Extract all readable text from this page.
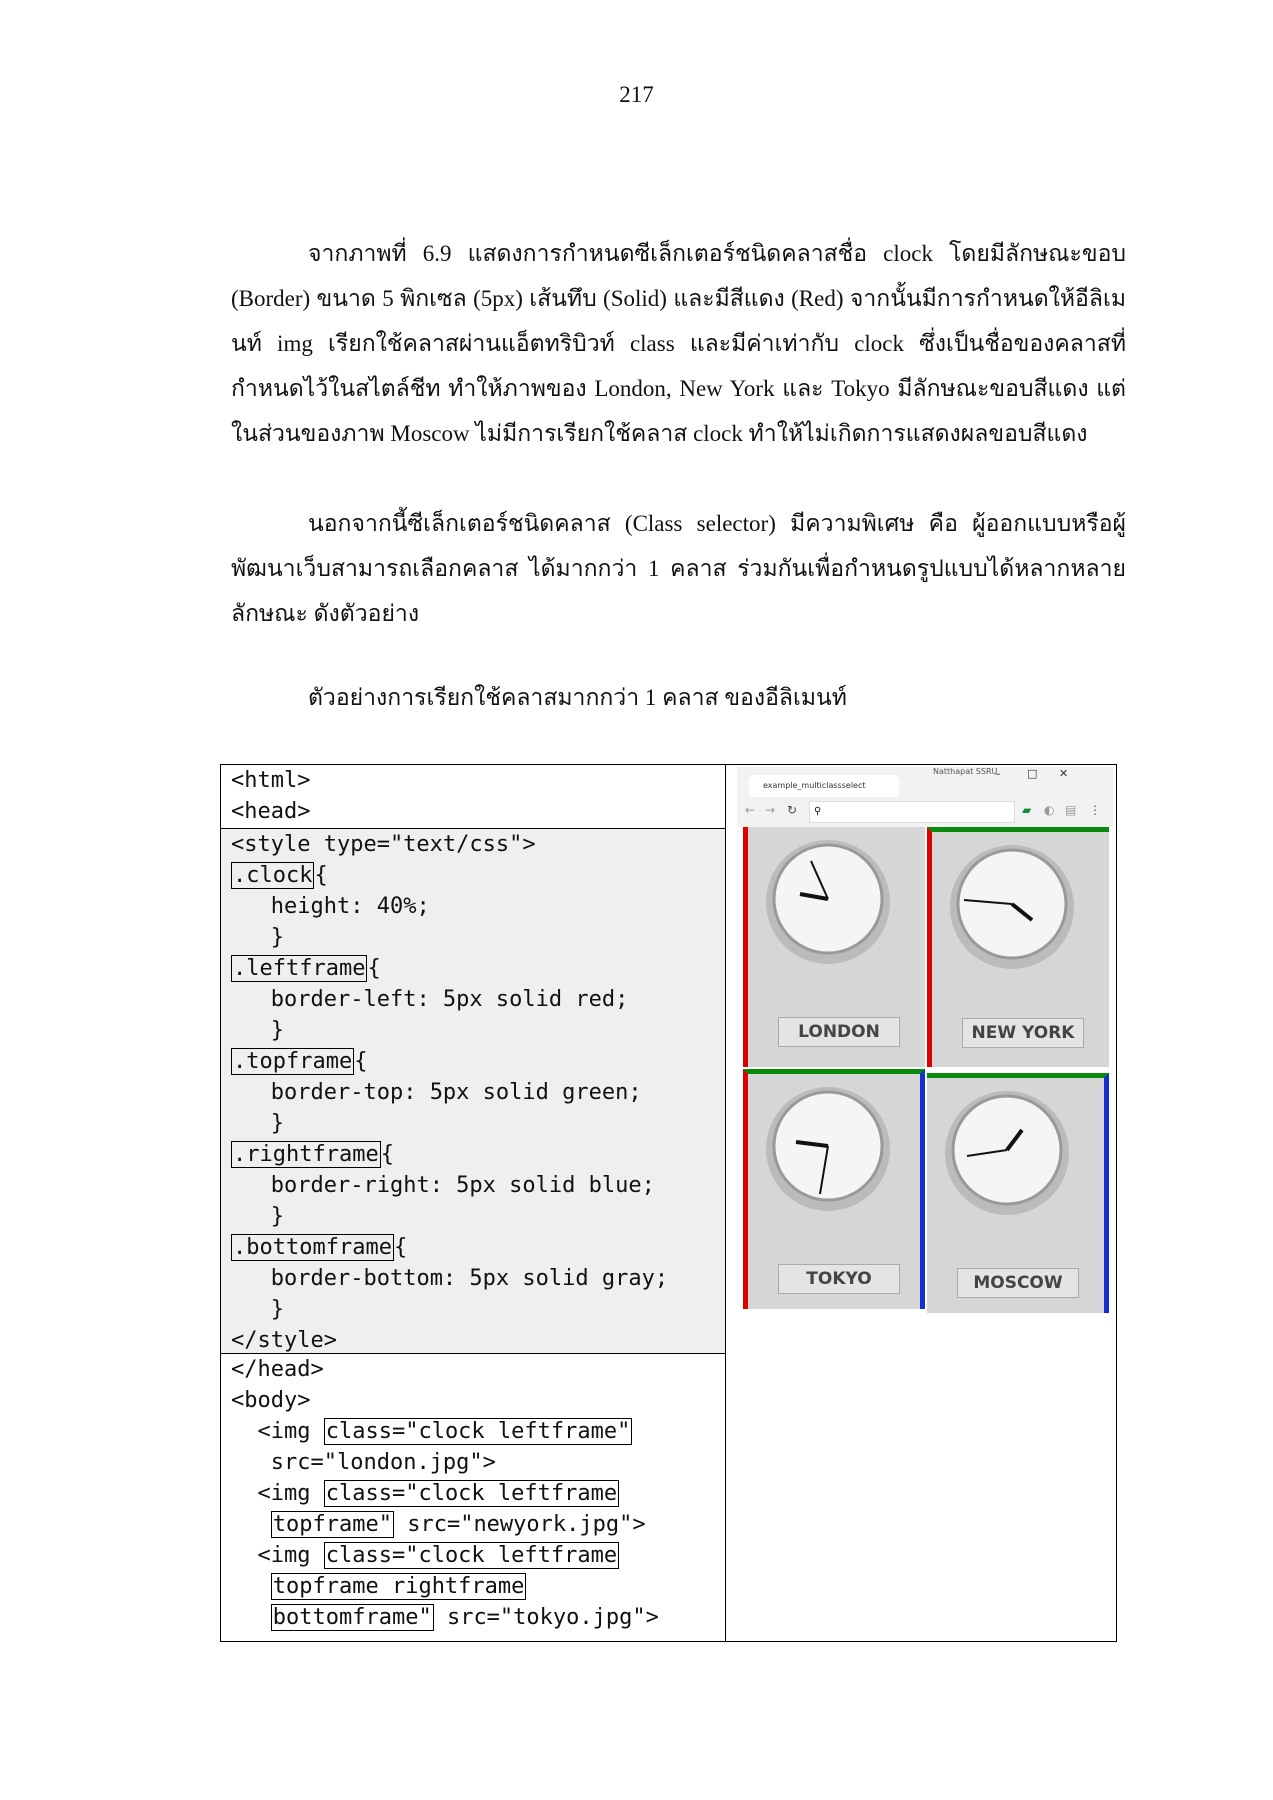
217

จากภาพที่ 6.9 แสดงการกำหนดซีเล็กเตอร์ชนิดคลาสชื่อ clock โดยมีลักษณะขอบ (Border) ขนาด 5 พิกเซล (5px) เส้นทึบ (Solid) และมีสีแดง (Red) จากนั้นมีการกำหนดให้อีลิเมนท์ img เรียกใช้คลาสผ่านแอ็ตทริบิวท์ class และมีค่าเท่ากับ clock ซึ่งเป็นชื่อของคลาสที่กำหนดไว้ในสไตล์ชีท ทำให้ภาพของ London, New York และ Tokyo มีลักษณะขอบสีแดง แต่ในส่วนของภาพ Moscow ไม่มีการเรียกใช้คลาส clock ทำให้ไม่เกิดการแสดงผลขอบสีแดง

นอกจากนี้ซีเล็กเตอร์ชนิดคลาส (Class selector) มีความพิเศษ คือ ผู้ออกแบบหรือผู้พัฒนาเว็บสามารถเลือกคลาส ได้มากกว่า 1 คลาส ร่วมกันเพื่อกำหนดรูปแบบได้หลากหลายลักษณะ ดังตัวอย่าง

ตัวอย่างการเรียกใช้คลาสมากกว่า 1 คลาส ของอีลิเมนท์
<html>
<head>
<style type="text/css">
.clock{
height: 40%;
}
.leftframe{
border-left: 5px solid red;
}
.topframe{
border-top: 5px solid green;
}
.rightframe{
border-right: 5px solid blue;
}
.bottomframe{
border-bottom: 5px solid gray;
}
</style>
</head>
<body>
<img class="clock leftframe"
src="london.jpg">
<img class="clock leftframe
topframe" src="newyork.jpg">
<img class="clock leftframe
topframe rightframe
bottomframe" src="tokyo.jpg">
example_multiclassselect
Natthapat SSRU
– □ ✕
← → ↻	⚲	▰ ◐ ▤ ⋮
LONDON	NEW YORK
TOKYO	MOSCOW
